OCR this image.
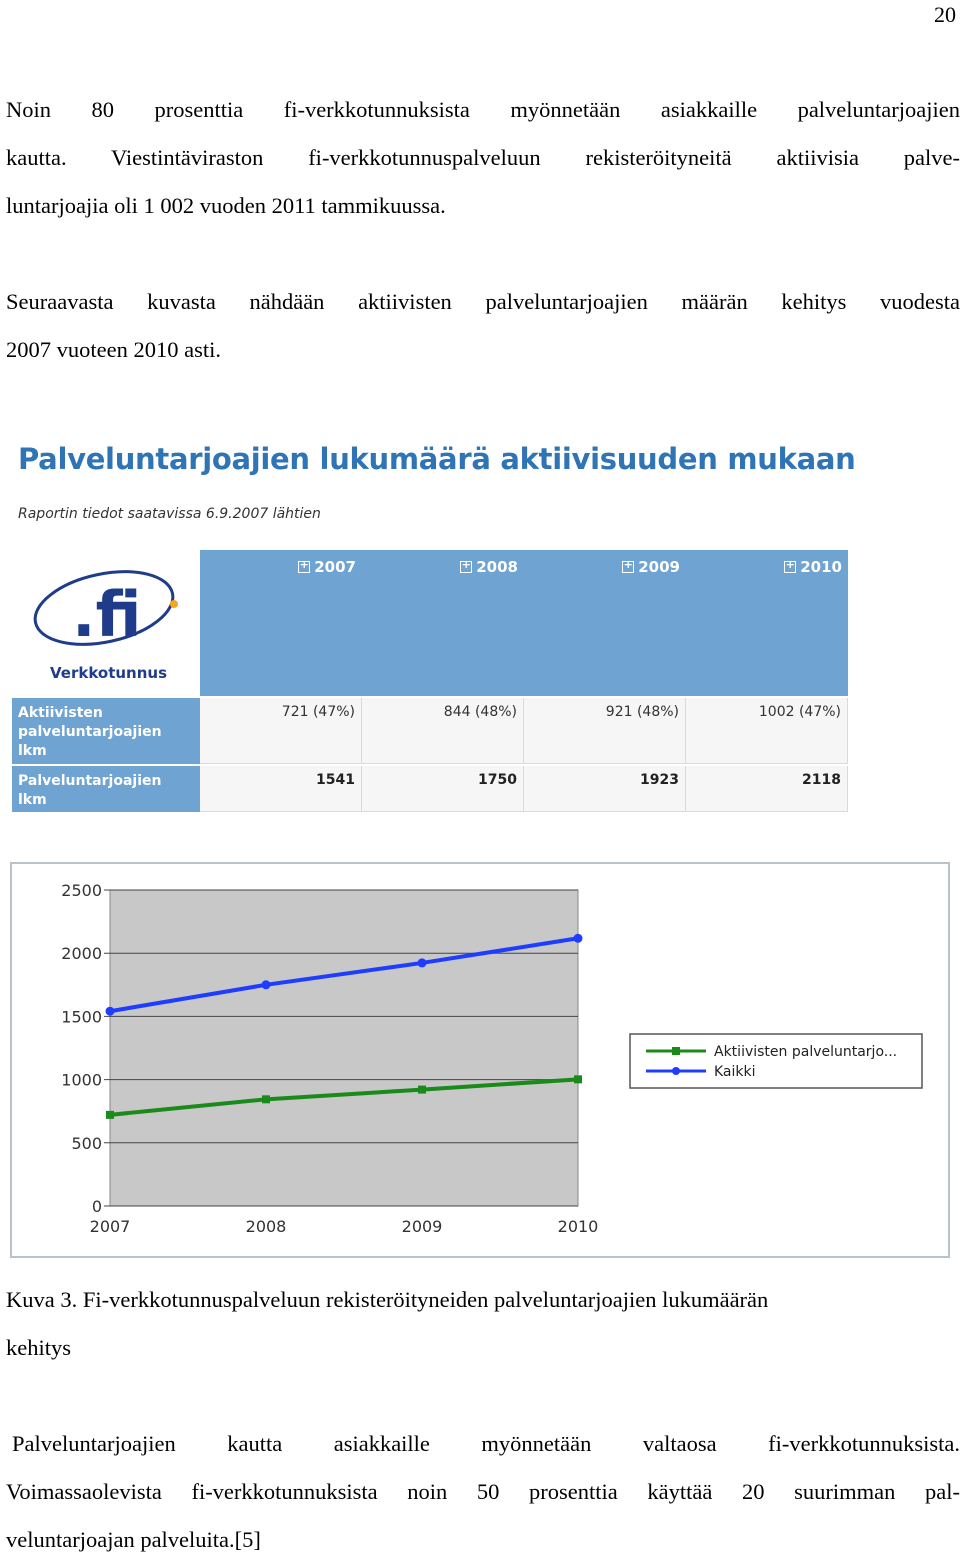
20
Noin 80 prosenttia fi-verkkotunnuksista myönnetään asiakkaille palveluntarjoajien
kautta. Viestintäviraston fi-verkkotunnuspalveluun rekisteröityneitä aktiivisia palve-
luntarjoajia oli 1 002 vuoden 2011 tammikuussa.
Seuraavasta kuvasta nähdään aktiivisten palveluntarjoajien määrän kehitys vuodesta
2007 vuoteen 2010 asti.
Palveluntarjoajien lukumäärä aktiivisuuden mukaan
Raportin tiedot saatavissa 6.9.2007 lähtien
.fi
Verkkotunnus
+2007 +	2008 +	2009 +	2010
Aktiivisten palveluntarjoajien lkm
721 (47%)	844 (48%)	921 (48%)	1002 (47%)
Palveluntarjoajien lkm
1541	1750	1923	2118
0
500
1000
1500
2000
2500
2007	2008	2009	2010
Aktiivisten palveluntarjo...
Kaikki
Kuva 3. Fi-verkkotunnuspalveluun rekisteröityneiden palveluntarjoajien lukumäärän
kehitys
Palveluntarjoajien kautta asiakkaille myönnetään valtaosa fi-verkkotunnuksista.
Voimassaolevista fi-verkkotunnuksista noin 50 prosenttia käyttää 20 suurimman pal-
veluntarjoajan palveluita.[5]
